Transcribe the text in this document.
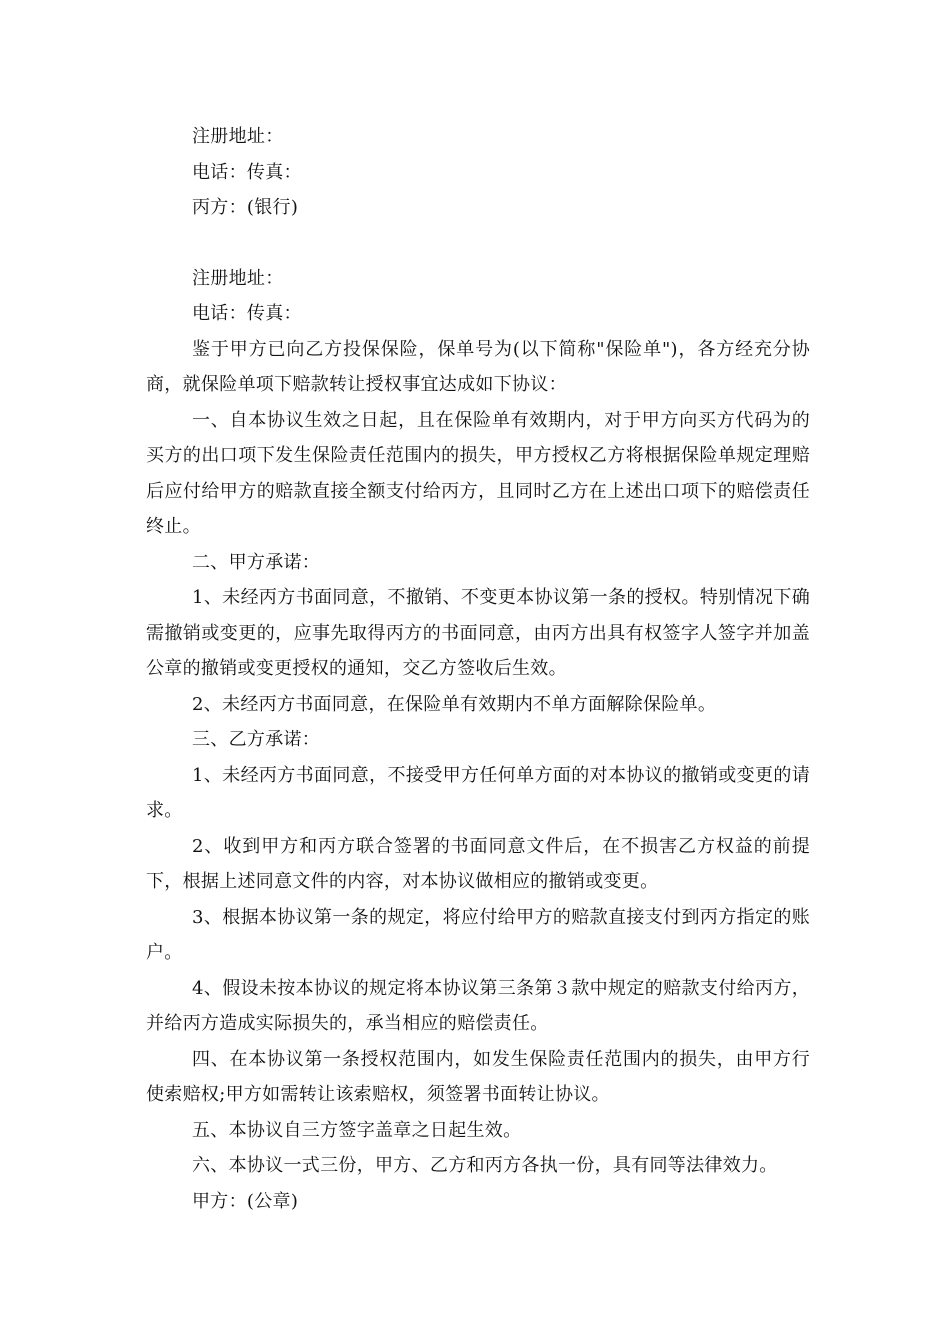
注册地址：

电话：传真：

丙方：(银行)

注册地址：

电话：传真：

鉴于甲方已向乙方投保保险，保单号为(以下简称"保险单")，各方经充分协商，就保险单项下赔款转让授权事宜达成如下协议：

一、自本协议生效之日起，且在保险单有效期内，对于甲方向买方代码为的买方的出口项下发生保险责任范围内的损失，甲方授权乙方将根据保险单规定理赔后应付给甲方的赔款直接全额支付给丙方，且同时乙方在上述出口项下的赔偿责任终止。

二、甲方承诺：

1、未经丙方书面同意，不撤销、不变更本协议第一条的授权。特别情况下确需撤销或变更的，应事先取得丙方的书面同意，由丙方出具有权签字人签字并加盖公章的撤销或变更授权的通知，交乙方签收后生效。

2、未经丙方书面同意，在保险单有效期内不单方面解除保险单。

三、乙方承诺：

1、未经丙方书面同意，不接受甲方任何单方面的对本协议的撤销或变更的请求。

2、收到甲方和丙方联合签署的书面同意文件后，在不损害乙方权益的前提下，根据上述同意文件的内容，对本协议做相应的撤销或变更。

3、根据本协议第一条的规定，将应付给甲方的赔款直接支付到丙方指定的账户。

4、假设未按本协议的规定将本协议第三条第３款中规定的赔款支付给丙方，并给丙方造成实际损失的，承当相应的赔偿责任。

四、在本协议第一条授权范围内，如发生保险责任范围内的损失，由甲方行使索赔权;甲方如需转让该索赔权，须签署书面转让协议。

五、本协议自三方签字盖章之日起生效。

六、本协议一式三份，甲方、乙方和丙方各执一份，具有同等法律效力。

甲方：(公章)
